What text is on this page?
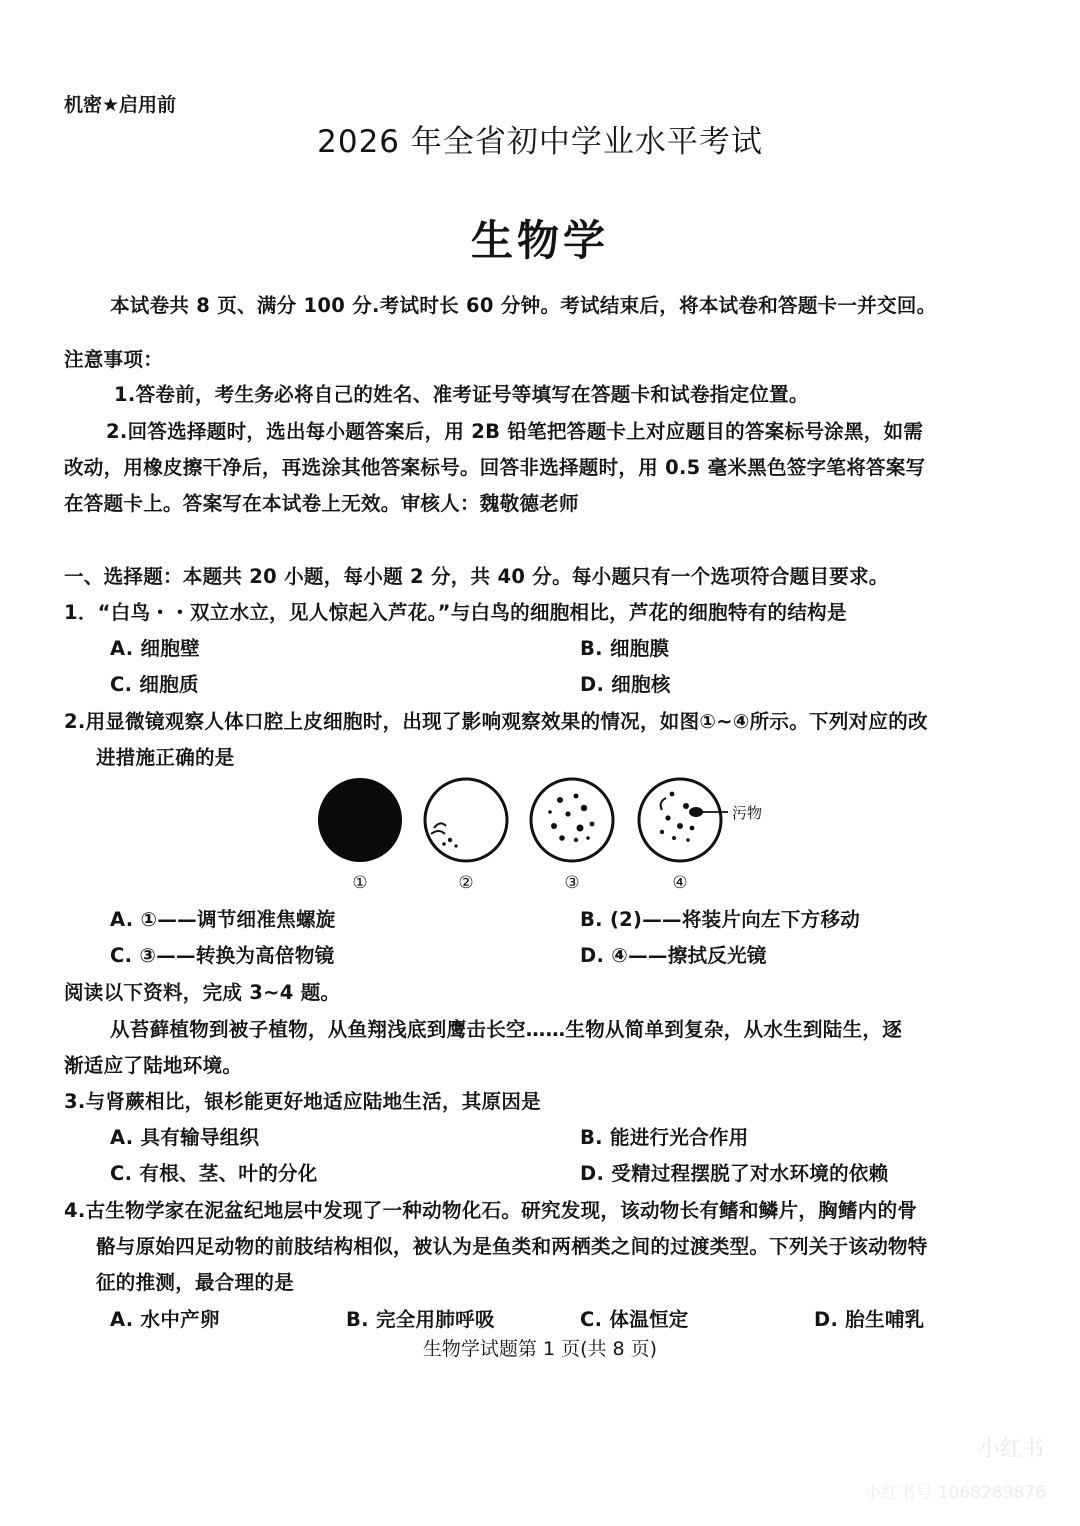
机密★启用前
2026 年全省初中学业水平考试
生物学
本试卷共 8 页、满分 100 分.考试时长 60 分钟。考试结束后，将本试卷和答题卡一并交回。
注意事项：
1.答卷前，考生务必将自己的姓名、准考证号等填写在答题卡和试卷指定位置。
2.回答选择题时，选出每小题答案后，用 2B 铅笔把答题卡上对应题目的答案标号涂黑，如需
改动，用橡皮擦干净后，再选涂其他答案标号。回答非选择题时，用 0.5 毫米黑色签字笔将答案写
在答题卡上。答案写在本试卷上无效。审核人：魏敬德老师
一、选择题：本题共 20 小题，每小题 2 分，共 40 分。每小题只有一个选项符合题目要求。
1．“白鸟・・双立水立，见人惊起入芦花。”与白鸟的细胞相比，芦花的细胞特有的结构是
A. 细胞壁	B. 细胞膜
C. 细胞质	D. 细胞核
2.用显微镜观察人体口腔上皮细胞时，出现了影响观察效果的情况，如图①~④所示。下列对应的改
进措施正确的是
污物
①	②	③	④
A. ①——调节细准焦螺旋	B. (2)——将装片向左下方移动
C. ③——转换为高倍物镜	D. ④——擦拭反光镜
阅读以下资料，完成 3~4 题。
从苔藓植物到被子植物，从鱼翔浅底到鹰击长空……生物从简单到复杂，从水生到陆生，逐
渐适应了陆地环境。
3.与肾蕨相比，银杉能更好地适应陆地生活，其原因是
A. 具有输导组织	B. 能进行光合作用
C. 有根、茎、叶的分化	D. 受精过程摆脱了对水环境的依赖
4.古生物学家在泥盆纪地层中发现了一种动物化石。研究发现，该动物长有鳍和鳞片，胸鳍内的骨
骼与原始四足动物的前肢结构相似，被认为是鱼类和两栖类之间的过渡类型。下列关于该动物特
征的推测，最合理的是
A. 水中产卵	B. 完全用肺呼吸	C. 体温恒定	D. 胎生哺乳
生物学试题第 1 页(共 8 页)
小红书
小红书号 1068289876
